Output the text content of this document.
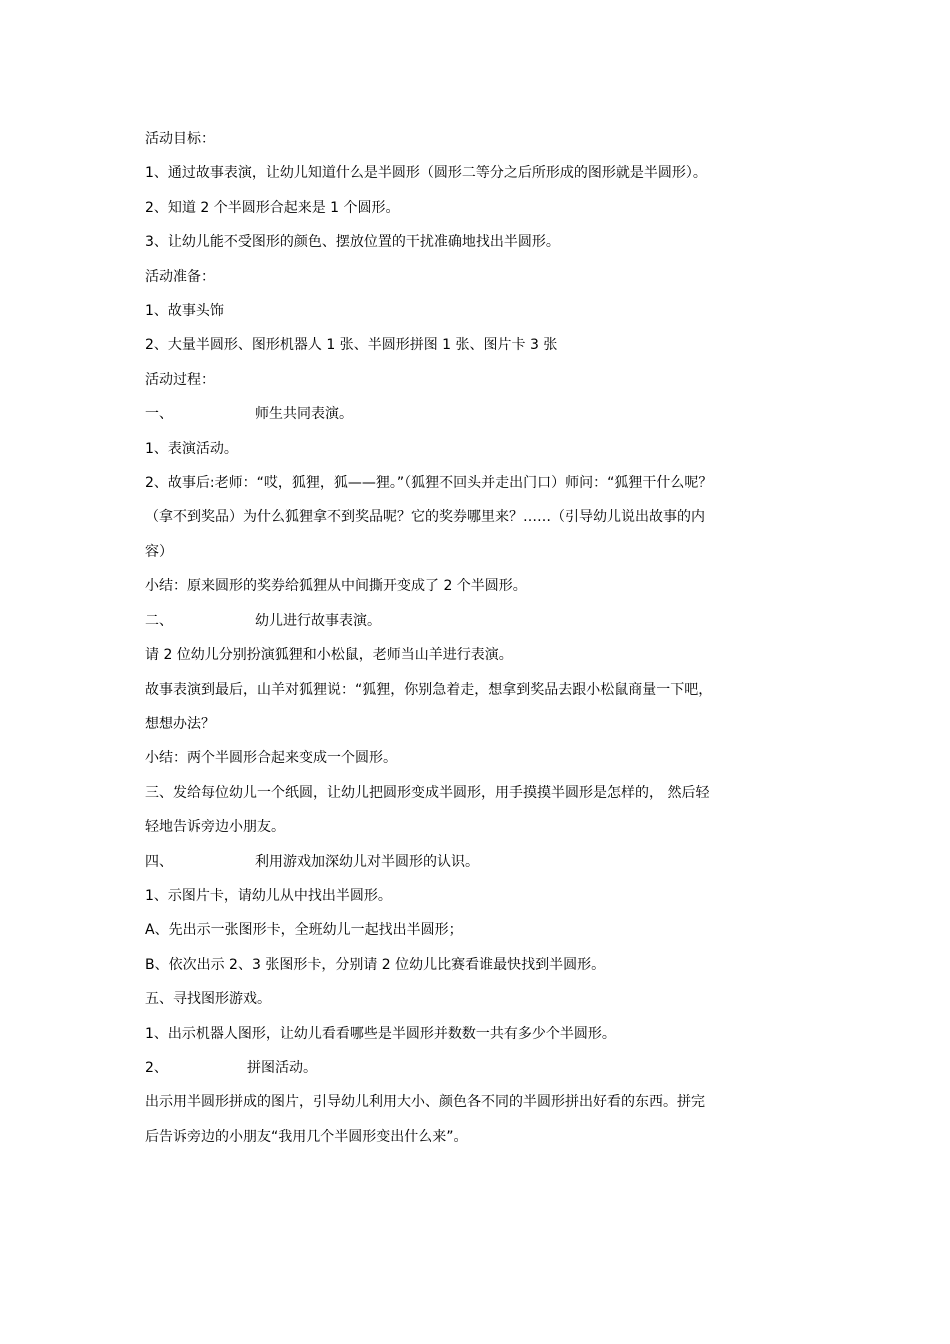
活动目标：
1、通过故事表演，让幼儿知道什么是半圆形（圆形二等分之后所形成的图形就是半圆形）。
2、知道 2 个半圆形合起来是 1 个圆形。
3、让幼儿能不受图形的颜色、摆放位置的干扰准确地找出半圆形。
活动准备：
1、故事头饰
2、大量半圆形、图形机器人 1 张、半圆形拼图 1 张、图片卡 3 张
活动过程：
一、	师生共同表演。
1、表演活动。
2、故事后:老师：“哎，狐狸，狐——狸。”（狐狸不回头并走出门口）师问：“狐狸干什么呢？
（拿不到奖品）为什么狐狸拿不到奖品呢？它的奖券哪里来？……（引导幼儿说出故事的内
容）
小结：原来圆形的奖券给狐狸从中间撕开变成了 2 个半圆形。
二、	幼儿进行故事表演。
请 2 位幼儿分别扮演狐狸和小松鼠，老师当山羊进行表演。
故事表演到最后，山羊对狐狸说：“狐狸，你别急着走，想拿到奖品去跟小松鼠商量一下吧，
想想办法？
小结：两个半圆形合起来变成一个圆形。
三、发给每位幼儿一个纸圆，让幼儿把圆形变成半圆形，用手摸摸半圆形是怎样的， 然后轻
轻地告诉旁边小朋友。
四、	利用游戏加深幼儿对半圆形的认识。
1、示图片卡，请幼儿从中找出半圆形。
A、先出示一张图形卡，全班幼儿一起找出半圆形；
B、依次出示 2、3 张图形卡，分别请 2 位幼儿比赛看谁最快找到半圆形。
五、寻找图形游戏。
1、出示机器人图形，让幼儿看看哪些是半圆形并数数一共有多少个半圆形。
2、	拼图活动。
出示用半圆形拼成的图片，引导幼儿利用大小、颜色各不同的半圆形拼出好看的东西。拼完
后告诉旁边的小朋友“我用几个半圆形变出什么来”。
